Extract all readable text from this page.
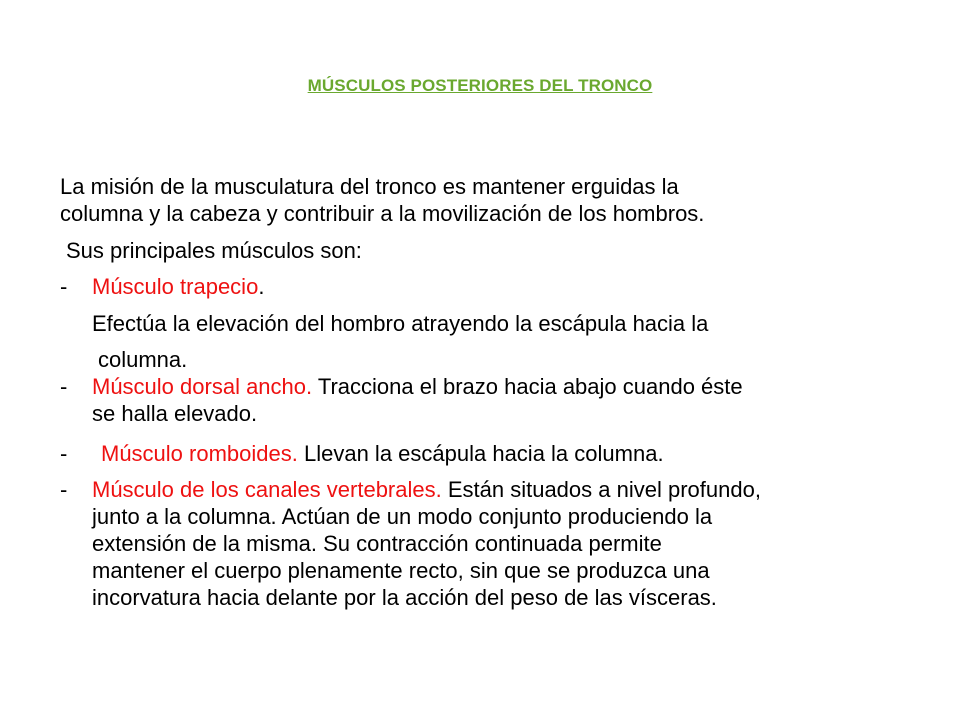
MÚSCULOS POSTERIORES DEL TRONCO
La misión de la musculatura del tronco es mantener erguidas la
columna y la cabeza y contribuir a la movilización de los hombros.
Sus principales músculos son:
-	Músculo trapecio.
Efectúa la elevación del hombro atrayendo la escápula hacia la
columna.
-	Músculo dorsal ancho. Tracciona el brazo hacia abajo cuando éste
se halla elevado.
-	Músculo romboides. Llevan la escápula hacia la columna.
-	Músculo de los canales vertebrales. Están situados a nivel profundo,
junto a la columna. Actúan de un modo conjunto produciendo la
extensión de la misma. Su contracción continuada permite
mantener el cuerpo plenamente recto, sin que se produzca una
incorvatura hacia delante por la acción del peso de las vísceras.
